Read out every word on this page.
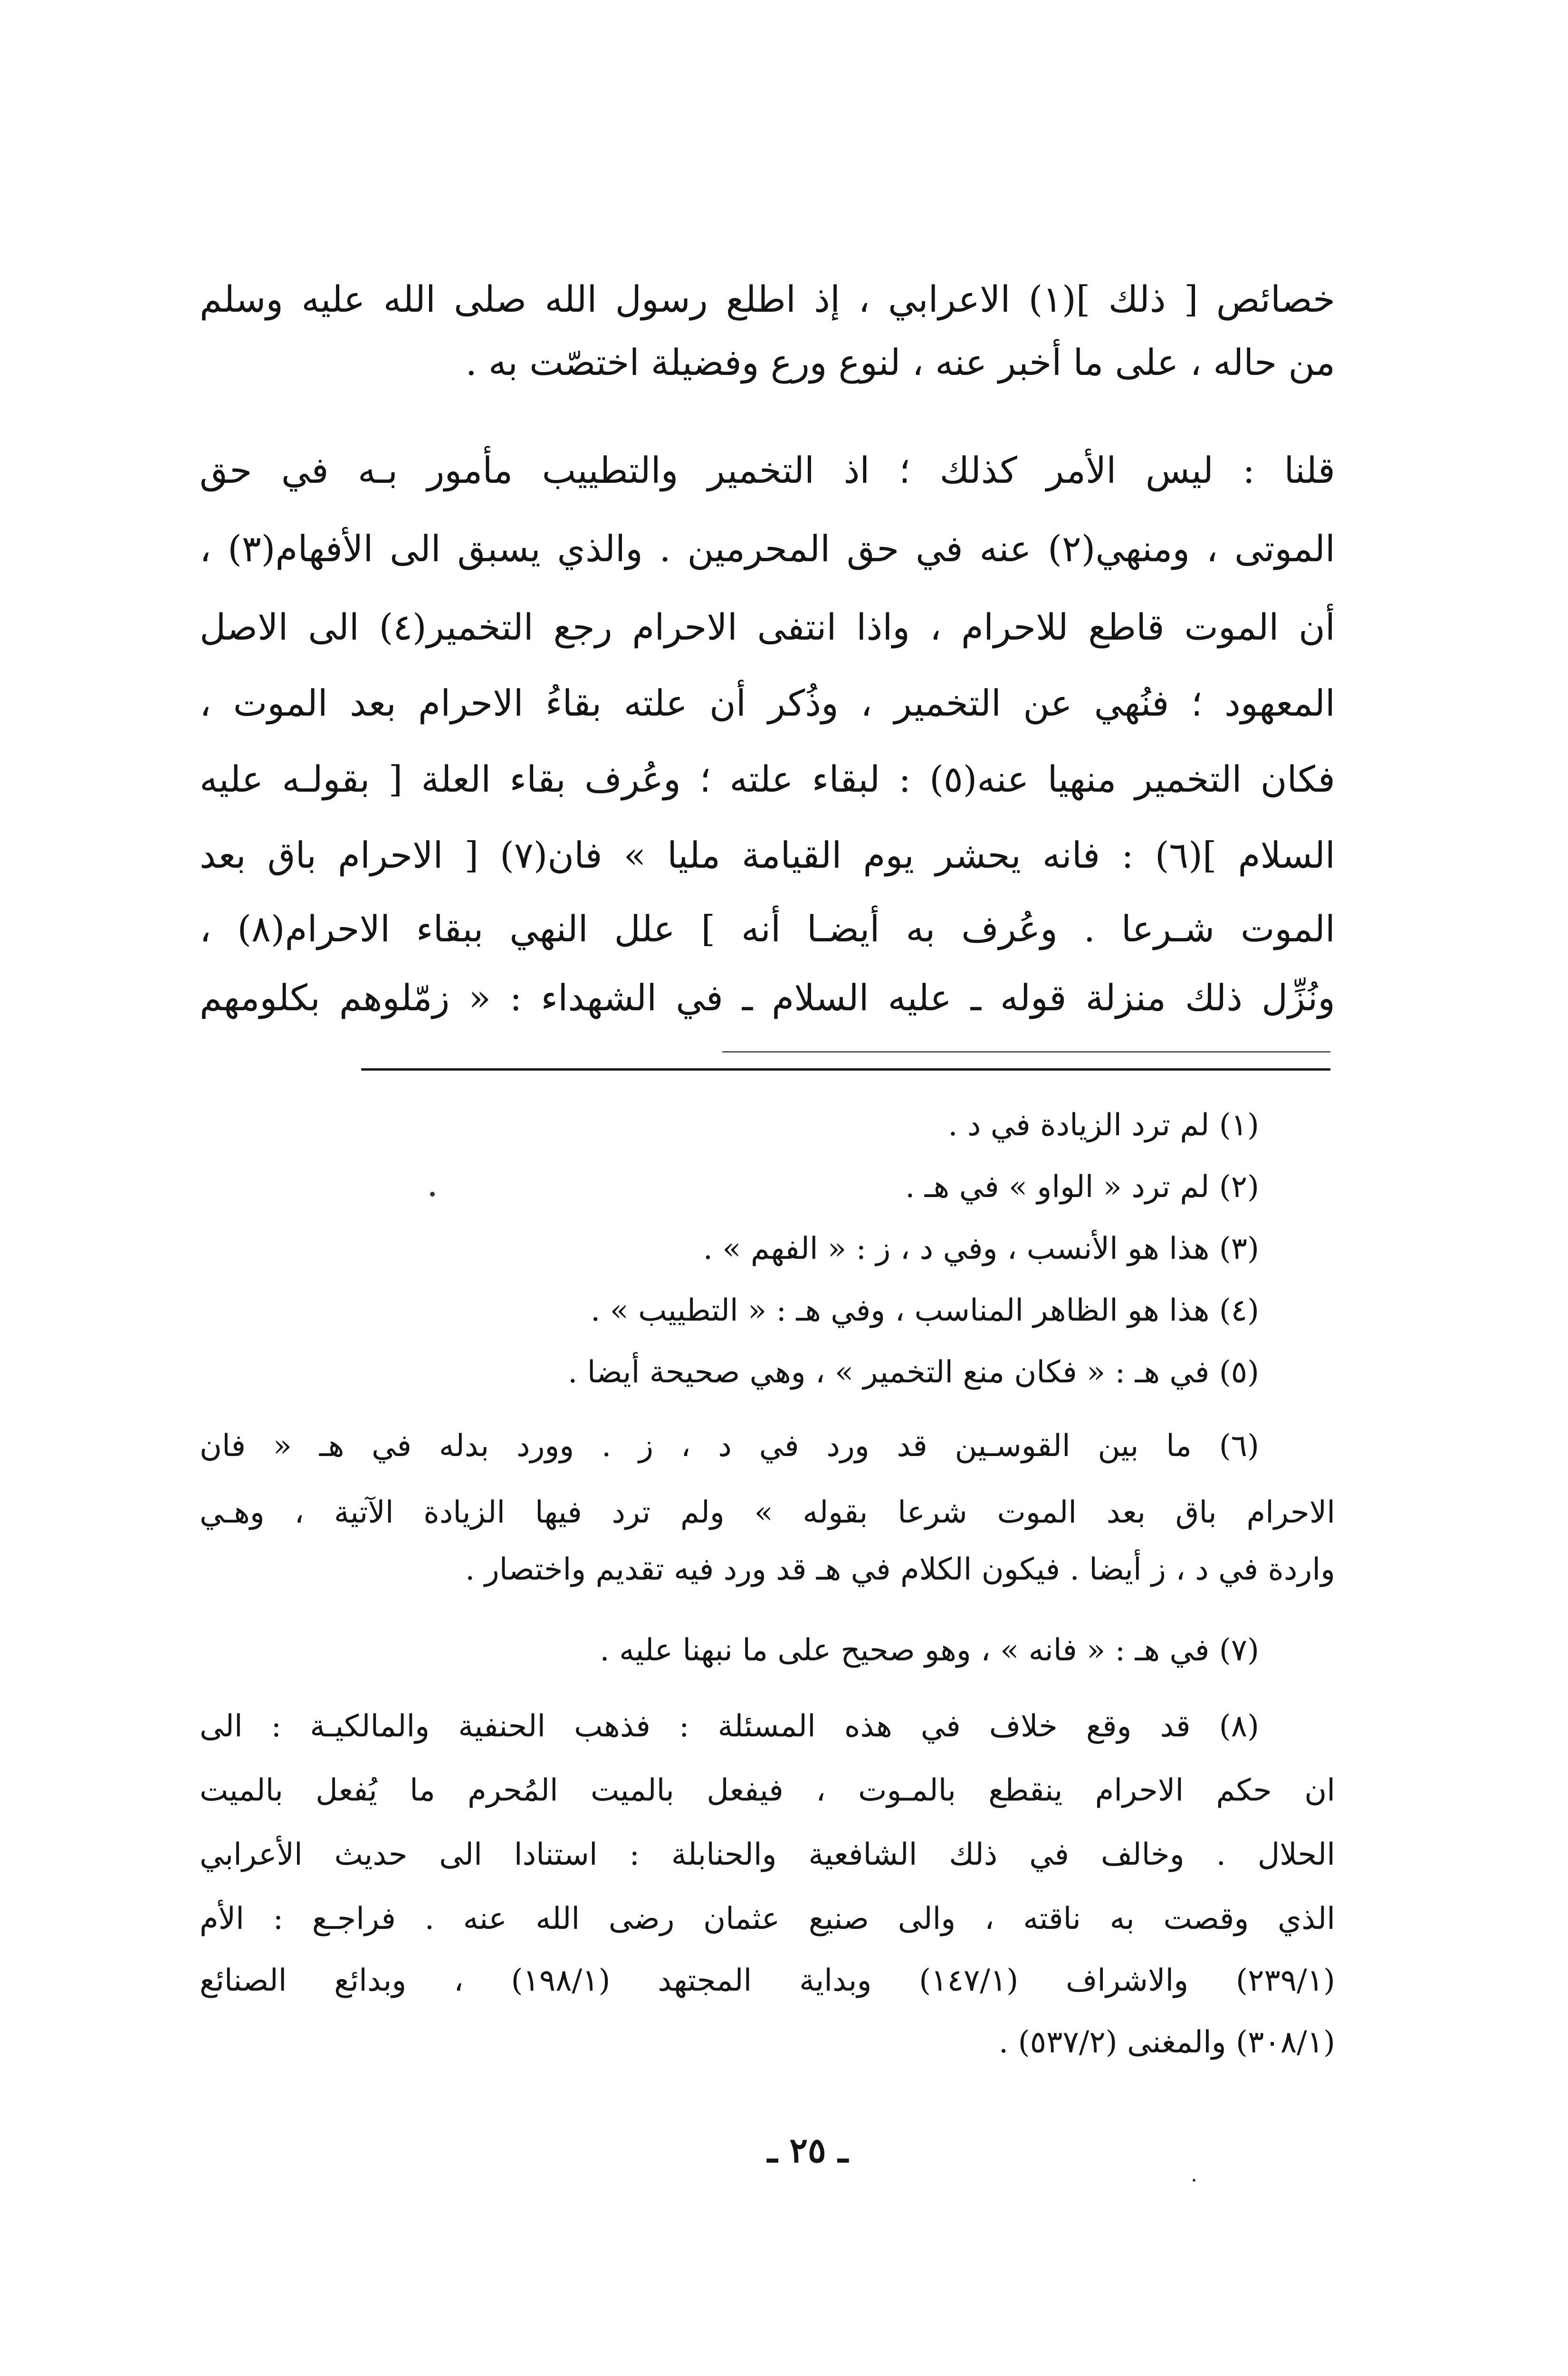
خصائص [ ذلك ](١) الاعرابي ، إذ اطلع رسول الله صلى الله عليه وسلم
من حاله ، على ما أخبر عنه ، لنوع ورع وفضيلة اختصّت به .
قلنا : ليس الأمر كذلك ؛ اذ التخمير والتطييب مأمور بـه في حق
الموتى ، ومنهي(٢) عنه في حق المحرمين . والذي يسبق الى الأفهام(٣) ،
أن الموت قاطع للاحرام ، واذا انتفى الاحرام رجع التخمير(٤) الى الاصل
المعهود ؛ فنُهي عن التخمير ، وذُكر أن علته بقاءُ الاحرام بعد الموت ،
فكان التخمير منهيا عنه(٥) : لبقاء علته ؛ وعُرف بقاء العلة [ بقولـه عليه
السلام ](٦) : فانه يحشر يوم القيامة مليا » فان(٧) [ الاحرام باق بعد
الموت شـرعا . وعُرف به أيضـا أنه ] علل النهي ببقاء الاحرام(٨) ،
ونُزِّل ذلك منزلة قوله ـ عليه السلام ـ في الشهداء : « زمّلوهم بكلومهم
(١) لم ترد الزيادة في د .
(٢) لم ترد « الواو » في هـ .
(٣) هذا هو الأنسب ، وفي د ، ز : « الفهم » .
(٤) هذا هو الظاهر المناسب ، وفي هـ : « التطييب » .
(٥) في هـ : « فكان منع التخمير » ، وهي صحيحة أيضا .
(٦) ما بين القوسـين قد ورد في د ، ز . وورد بدله في هـ « فان
الاحرام باق بعد الموت شرعا بقوله » ولم ترد فيها الزيادة الآتية ، وهـي
واردة في د ، ز أيضا . فيكون الكلام في هـ قد ورد فيه تقديم واختصار .
(٧) في هـ : « فانه » ، وهو صحيح على ما نبهنا عليه .
(٨) قد وقع خلاف في هذه المسئلة : فذهب الحنفية والمالكيـة : الى
ان حكم الاحرام ينقطع بالمـوت ، فيفعل بالميت المُحرم ما يُفعل بالميت
الحلال . وخالف في ذلك الشافعية والحنابلة : استنادا الى حديث الأعرابي
الذي وقصت به ناقته ، والى صنيع عثمان رضى الله عنه . فراجـع : الأم
(٢٣٩/١) والاشراف (١٤٧/١) وبداية المجتهد (١٩٨/١) ، وبدائع الصنائع
(٣٠٨/١) والمغنى (٥٣٧/٢) .
ـ ٢٥ ـ
